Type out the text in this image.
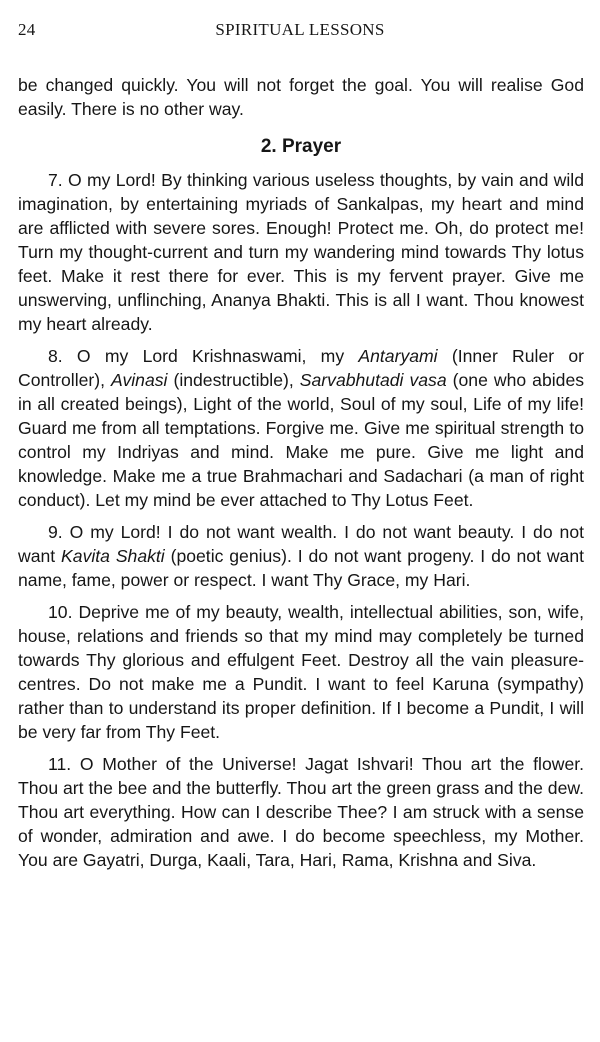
24	SPIRITUAL LESSONS

be changed quickly. You will not forget the goal. You will realise God easily. There is no other way.

2. Prayer

7. O my Lord! By thinking various useless thoughts, by vain and wild imagination, by entertaining myriads of Sankalpas, my heart and mind are afflicted with severe sores. Enough! Protect me. Oh, do protect me! Turn my thought-current and turn my wandering mind towards Thy lotus feet. Make it rest there for ever. This is my fervent prayer. Give me unswerving, unflinching, Ananya Bhakti. This is all I want. Thou knowest my heart already.

8. O my Lord Krishnaswami, my Antaryami (Inner Ruler or Controller), Avinasi (indestructible), Sarvabhutadi vasa (one who abides in all created beings), Light of the world, Soul of my soul, Life of my life! Guard me from all temptations. Forgive me. Give me spiritual strength to control my Indriyas and mind. Make me pure. Give me light and knowledge. Make me a true Brahmachari and Sadachari (a man of right conduct). Let my mind be ever attached to Thy Lotus Feet.

9. O my Lord! I do not want wealth. I do not want beauty. I do not want Kavita Shakti (poetic genius). I do not want progeny. I do not want name, fame, power or respect. I want Thy Grace, my Hari.

10. Deprive me of my beauty, wealth, intellectual abilities, son, wife, house, relations and friends so that my mind may completely be turned towards Thy glorious and effulgent Feet. Destroy all the vain pleasure-centres. Do not make me a Pundit. I want to feel Karuna (sympathy) rather than to understand its proper definition. If I become a Pundit, I will be very far from Thy Feet.

11. O Mother of the Universe! Jagat Ishvari! Thou art the flower. Thou art the bee and the butterfly. Thou art the green grass and the dew. Thou art everything. How can I describe Thee? I am struck with a sense of wonder, admiration and awe. I do become speechless, my Mother. You are Gayatri, Durga, Kaali, Tara, Hari, Rama, Krishna and Siva.
